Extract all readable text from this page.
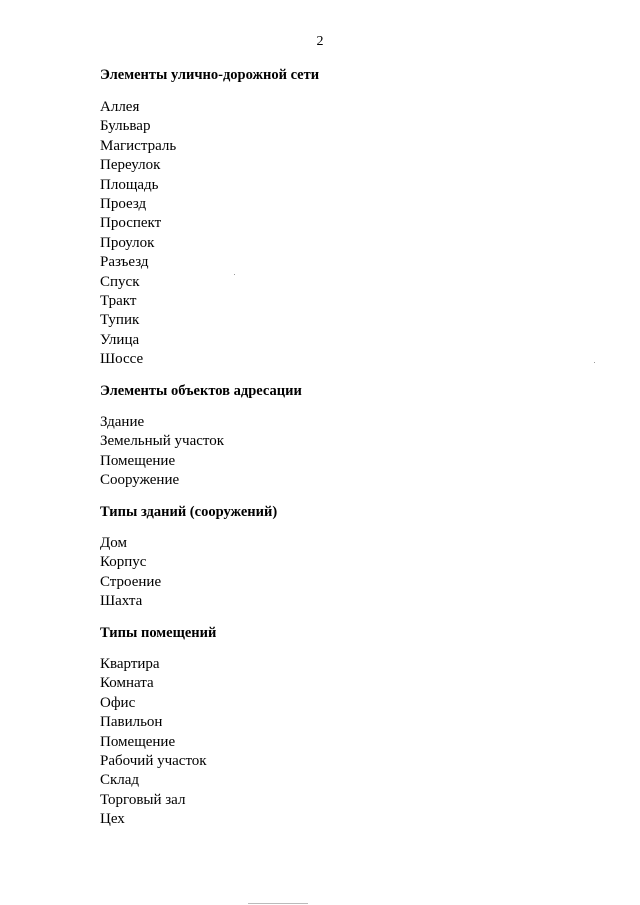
2
Элементы улично-дорожной сети
Аллея
Бульвар
Магистраль
Переулок
Площадь
Проезд
Проспект
Проулок
Разъезд
Спуск
Тракт
Тупик
Улица
Шоссе
Элементы объектов адресации
Здание
Земельный участок
Помещение
Сооружение
Типы зданий (сооружений)
Дом
Корпус
Строение
Шахта
Типы помещений
Квартира
Комната
Офис
Павильон
Помещение
Рабочий участок
Склад
Торговый зал
Цех
